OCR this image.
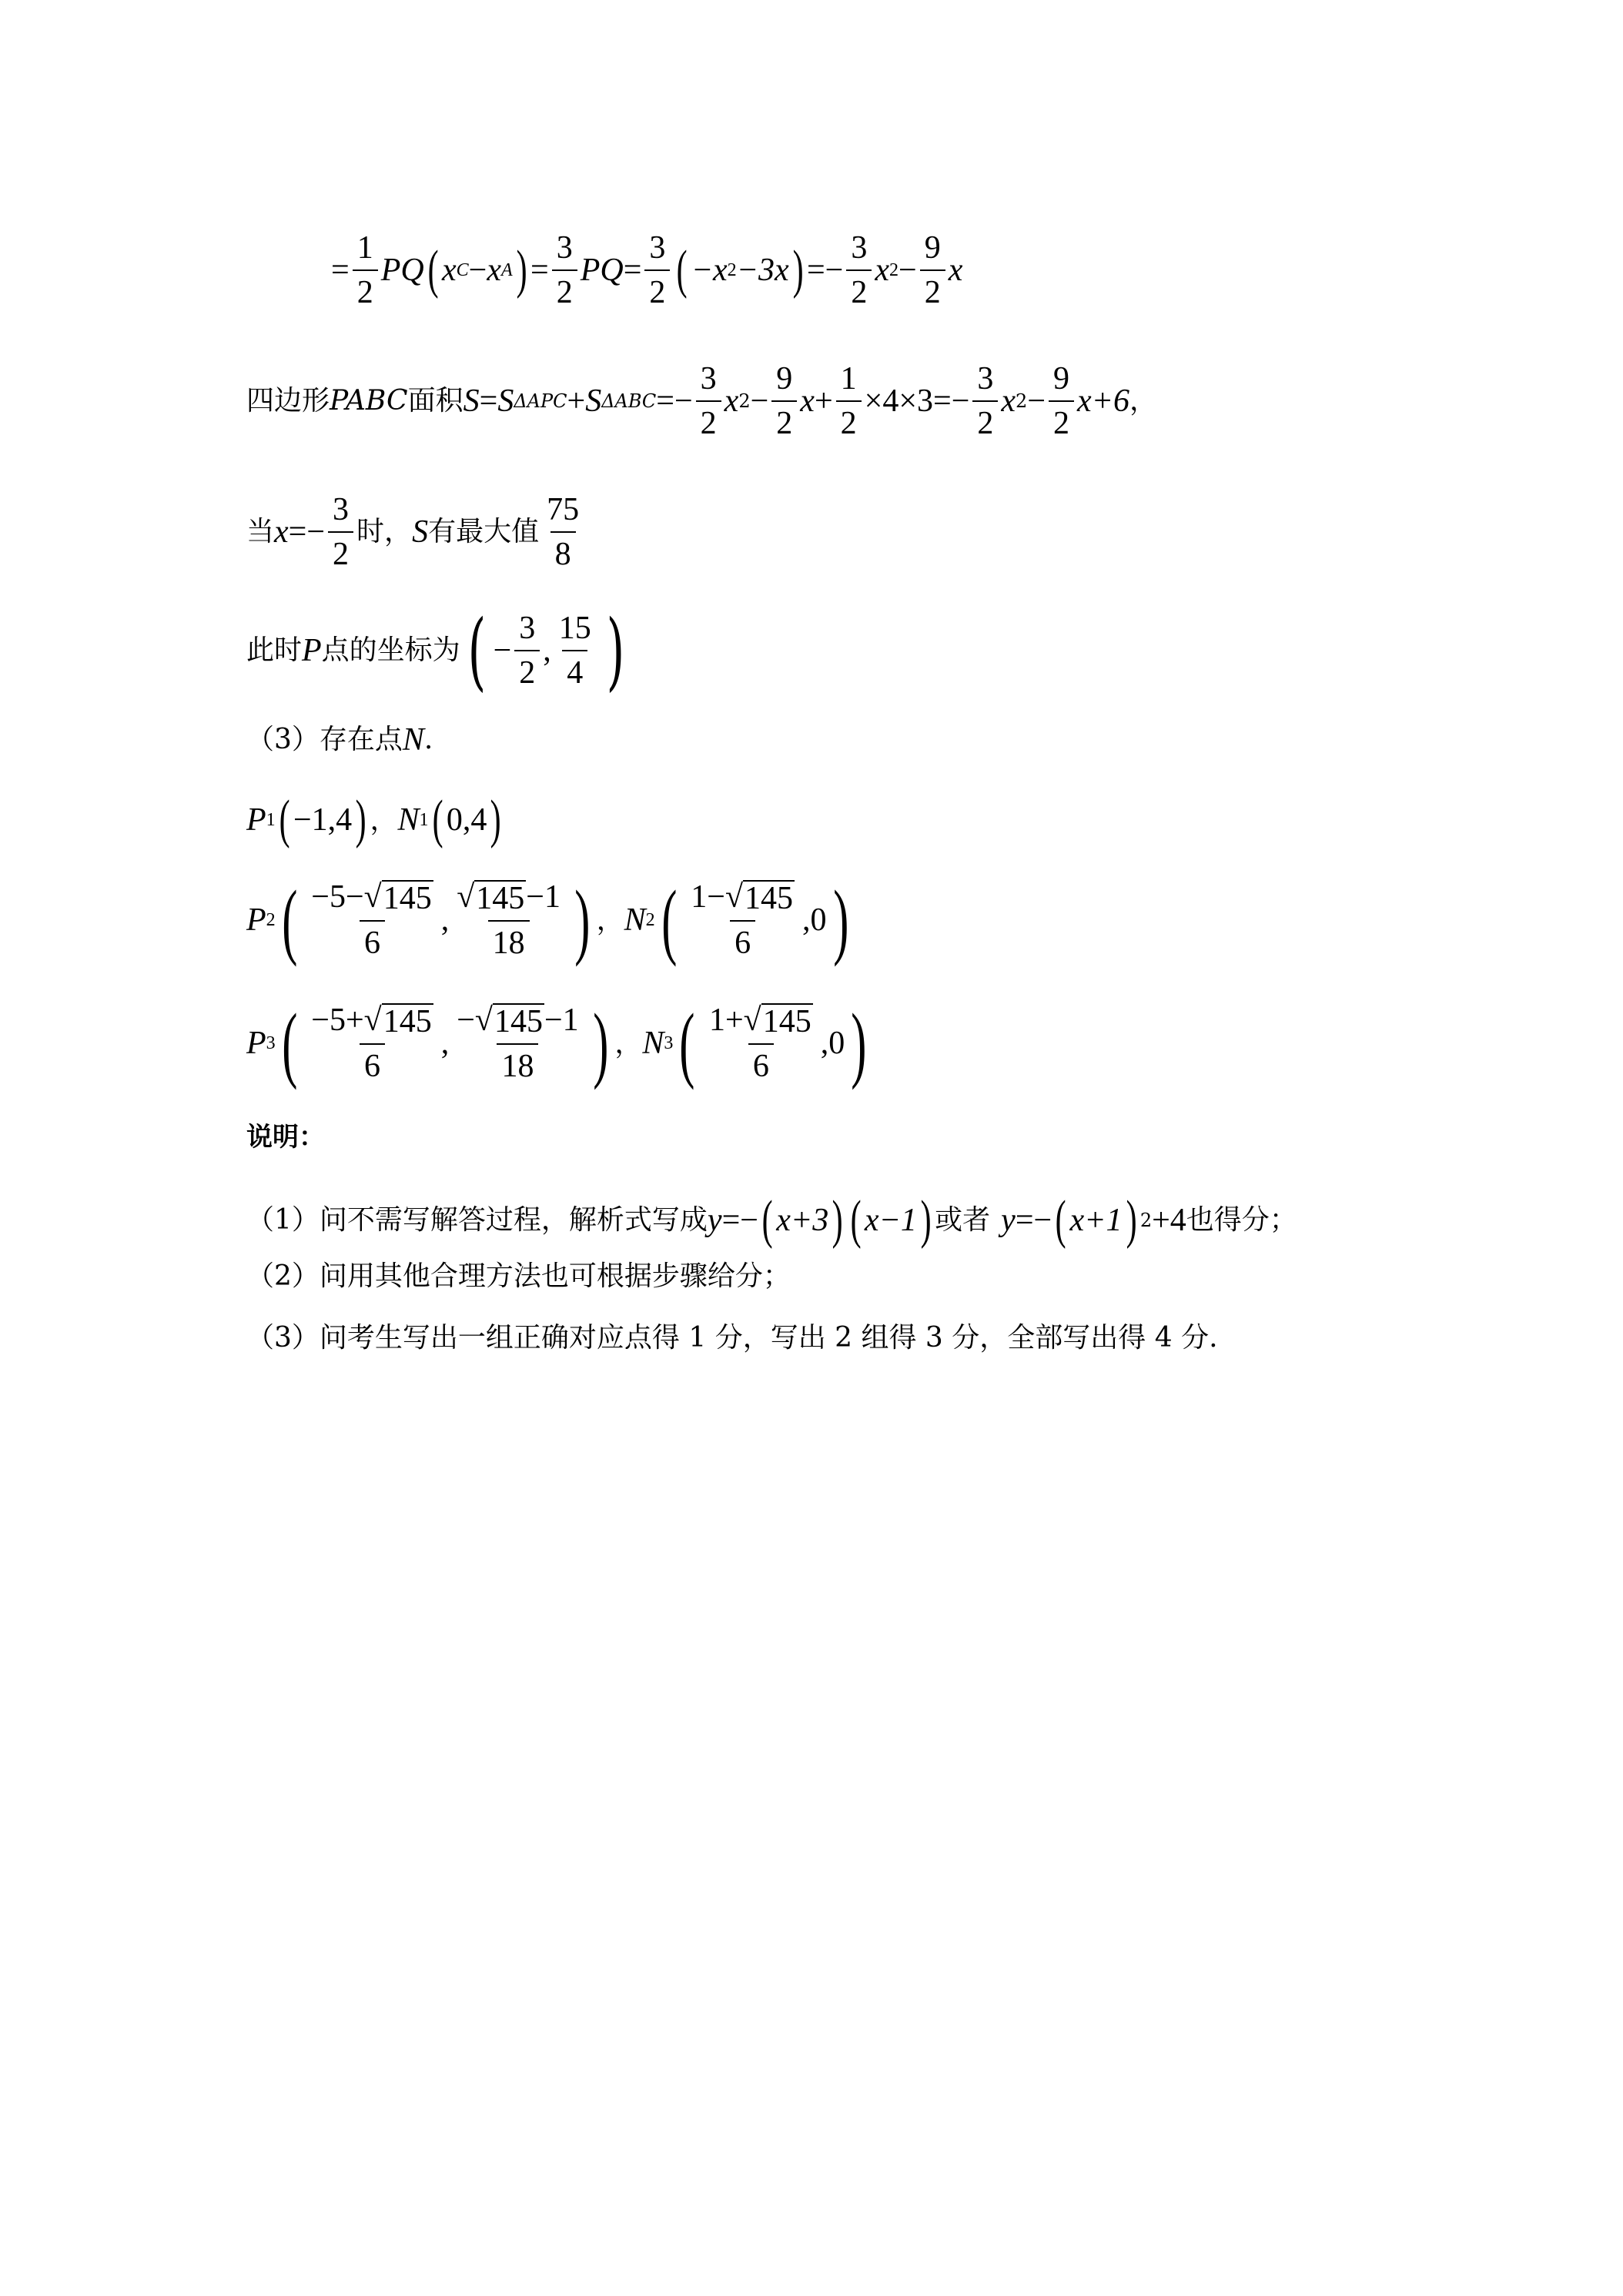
= $\frac{1}{2}$ PQ ( x C − x A ) = $\frac{3}{2}$ PQ = $\frac{3}{2}$ ( −x 2 −3x ) =− $\frac{3}{2}$ x $2 - \frac{9}{2}$ x
四边形 PABC 面积 S = S ΔAPC + S $\Delta ABC =- \frac{3}{2}$ x $2 - \frac{9}{2}$ $x + \frac{1}{2} \times 4\times 3 =- \frac{3}{2}$ x $2 - \frac{9}{2} x+6$ ，
当 $x =- \frac{3}{2}$ 时， S 有最大值 $\frac{75}{8}$
此时 P 点的坐标为 ( − $\frac{3}{2}$ , $\frac{15}{4}$ )
（3）存在点 N .
P 1 ( −1,4 ) ， N 1 ( 0,4 )
P 2 ( $\frac{-5-√ 145}{6}$ , $\frac{√ 145 -1}{18}$ ) ， N 2 ( $\frac{1-√ 145}{6} ,0$ )
P 3 ( $\frac{-5+√ 145}{6}$ , $\frac{-√ 145 -1}{18}$ ) ， N 3 ( $\frac{1+√ 145}{6} ,0$ )
说明：
（1）问不需写解答过程，解析式写成 y =− ( x+3 ) ( x−1 ) 或者 y =− ( x+1 ) 2 +4 也得分；
（2）问用其他合理方法也可根据步骤给分；
（3）问考生写出一组正确对应点得 1 分，写出 2 组得 3 分，全部写出得 4 分.
